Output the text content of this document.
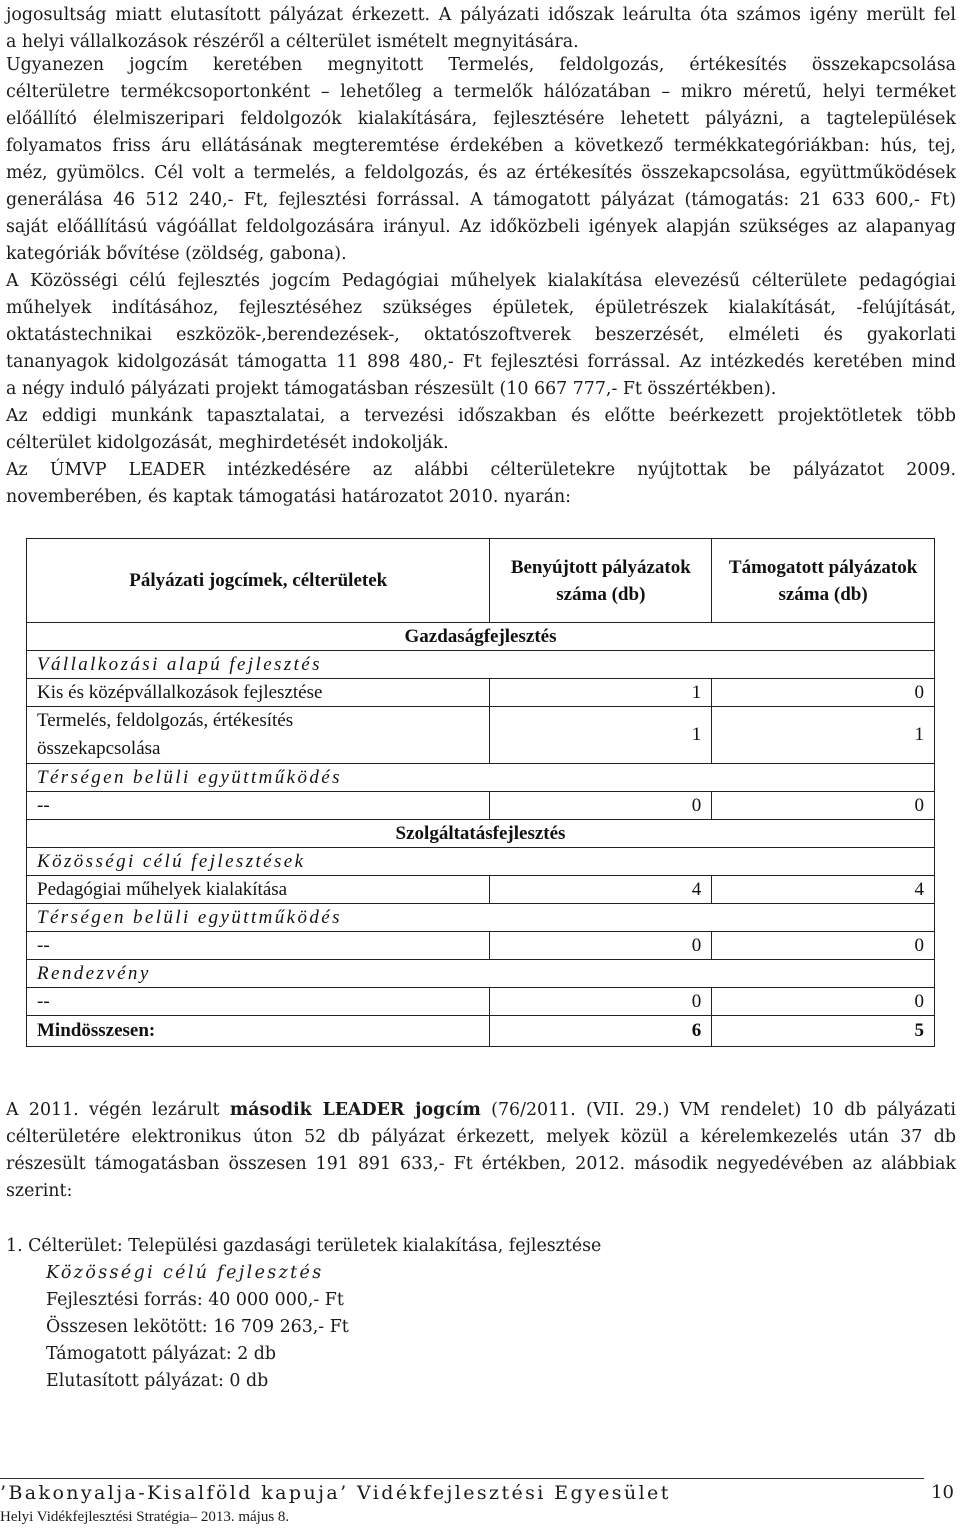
jogosultság miatt elutasított pályázat érkezett. A pályázati időszak leárulta óta számos igény merült fel
a helyi vállalkozások részéről a célterület ismételt megnyitására.
Ugyanezen jogcím keretében megnyitott Termelés, feldolgozás, értékesítés összekapcsolása
célterületre termékcsoportonként – lehetőleg a termelők hálózatában – mikro méretű, helyi terméket
előállító élelmiszeripari feldolgozók kialakítására, fejlesztésére lehetett pályázni, a tagtelepülések
folyamatos friss áru ellátásának megteremtése érdekében a következő termékkategóriákban: hús, tej,
méz, gyümölcs. Cél volt a termelés, a feldolgozás, és az értékesítés összekapcsolása, együttműködések
generálása 46 512 240,- Ft, fejlesztési forrással. A támogatott pályázat (támogatás: 21 633 600,- Ft)
saját előállítású vágóállat feldolgozására irányul. Az időközbeli igények alapján szükséges az alapanyag
kategóriák bővítése (zöldség, gabona).
A Közösségi célú fejlesztés jogcím Pedagógiai műhelyek kialakítása elevezésű célterülete pedagógiai
műhelyek indításához, fejlesztéséhez szükséges épületek, épületrészek kialakítását, -felújítását,
oktatástechnikai eszközök-,berendezések-, oktatószoftverek beszerzését, elméleti és gyakorlati
tananyagok kidolgozását támogatta 11 898 480,- Ft fejlesztési forrással. Az intézkedés keretében mind
a négy induló pályázati projekt támogatásban részesült (10 667 777,- Ft összértékben).
Az eddigi munkánk tapasztalatai, a tervezési időszakban és előtte beérkezett projektötletek több
célterület kidolgozását, meghirdetését indokolják.
Az ÚMVP LEADER intézkedésére az alábbi célterületekre nyújtottak be pályázatot 2009.
novemberében, és kaptak támogatási határozatot 2010. nyarán:
Pályázati jogcímek, célterületek	Benyújtott pályázatok száma (db)	Támogatott pályázatok száma (db)
Gazdaságfejlesztés		
Vállalkozási alapú fejlesztés		
Kis és középvállalkozások fejlesztése	1	0
Termelés, feldolgozás, értékesítés
összekapcsolása	1	1
Térségen belüli együttműködés		
--	0	0
Szolgáltatásfejlesztés		
Közösségi célú fejlesztések		
Pedagógiai műhelyek kialakítása	4	4
Térségen belüli együttműködés		
--	0	0
Rendezvény		
--	0	0
Mindösszesen:	6	5
A 2011. végén lezárult második LEADER jogcím (76/2011. (VII. 29.) VM rendelet) 10 db pályázati
célterületére elektronikus úton 52 db pályázat érkezett, melyek közül a kérelemkezelés után 37 db
részesült támogatásban összesen 191 891 633,- Ft értékben, 2012. második negyedévében az alábbiak
szerint:
1. Célterület: Települési gazdasági területek kialakítása, fejlesztése
Közösségi célú fejlesztés
Fejlesztési forrás: 40 000 000,- Ft
Összesen lekötött: 16 709 263,- Ft
Támogatott pályázat: 2 db
Elutasított pályázat: 0 db
’Bakonyalja-Kisalföld kapuja’ Vidékfejlesztési Egyesület	10
Helyi Vidékfejlesztési Stratégia– 2013. május 8.
